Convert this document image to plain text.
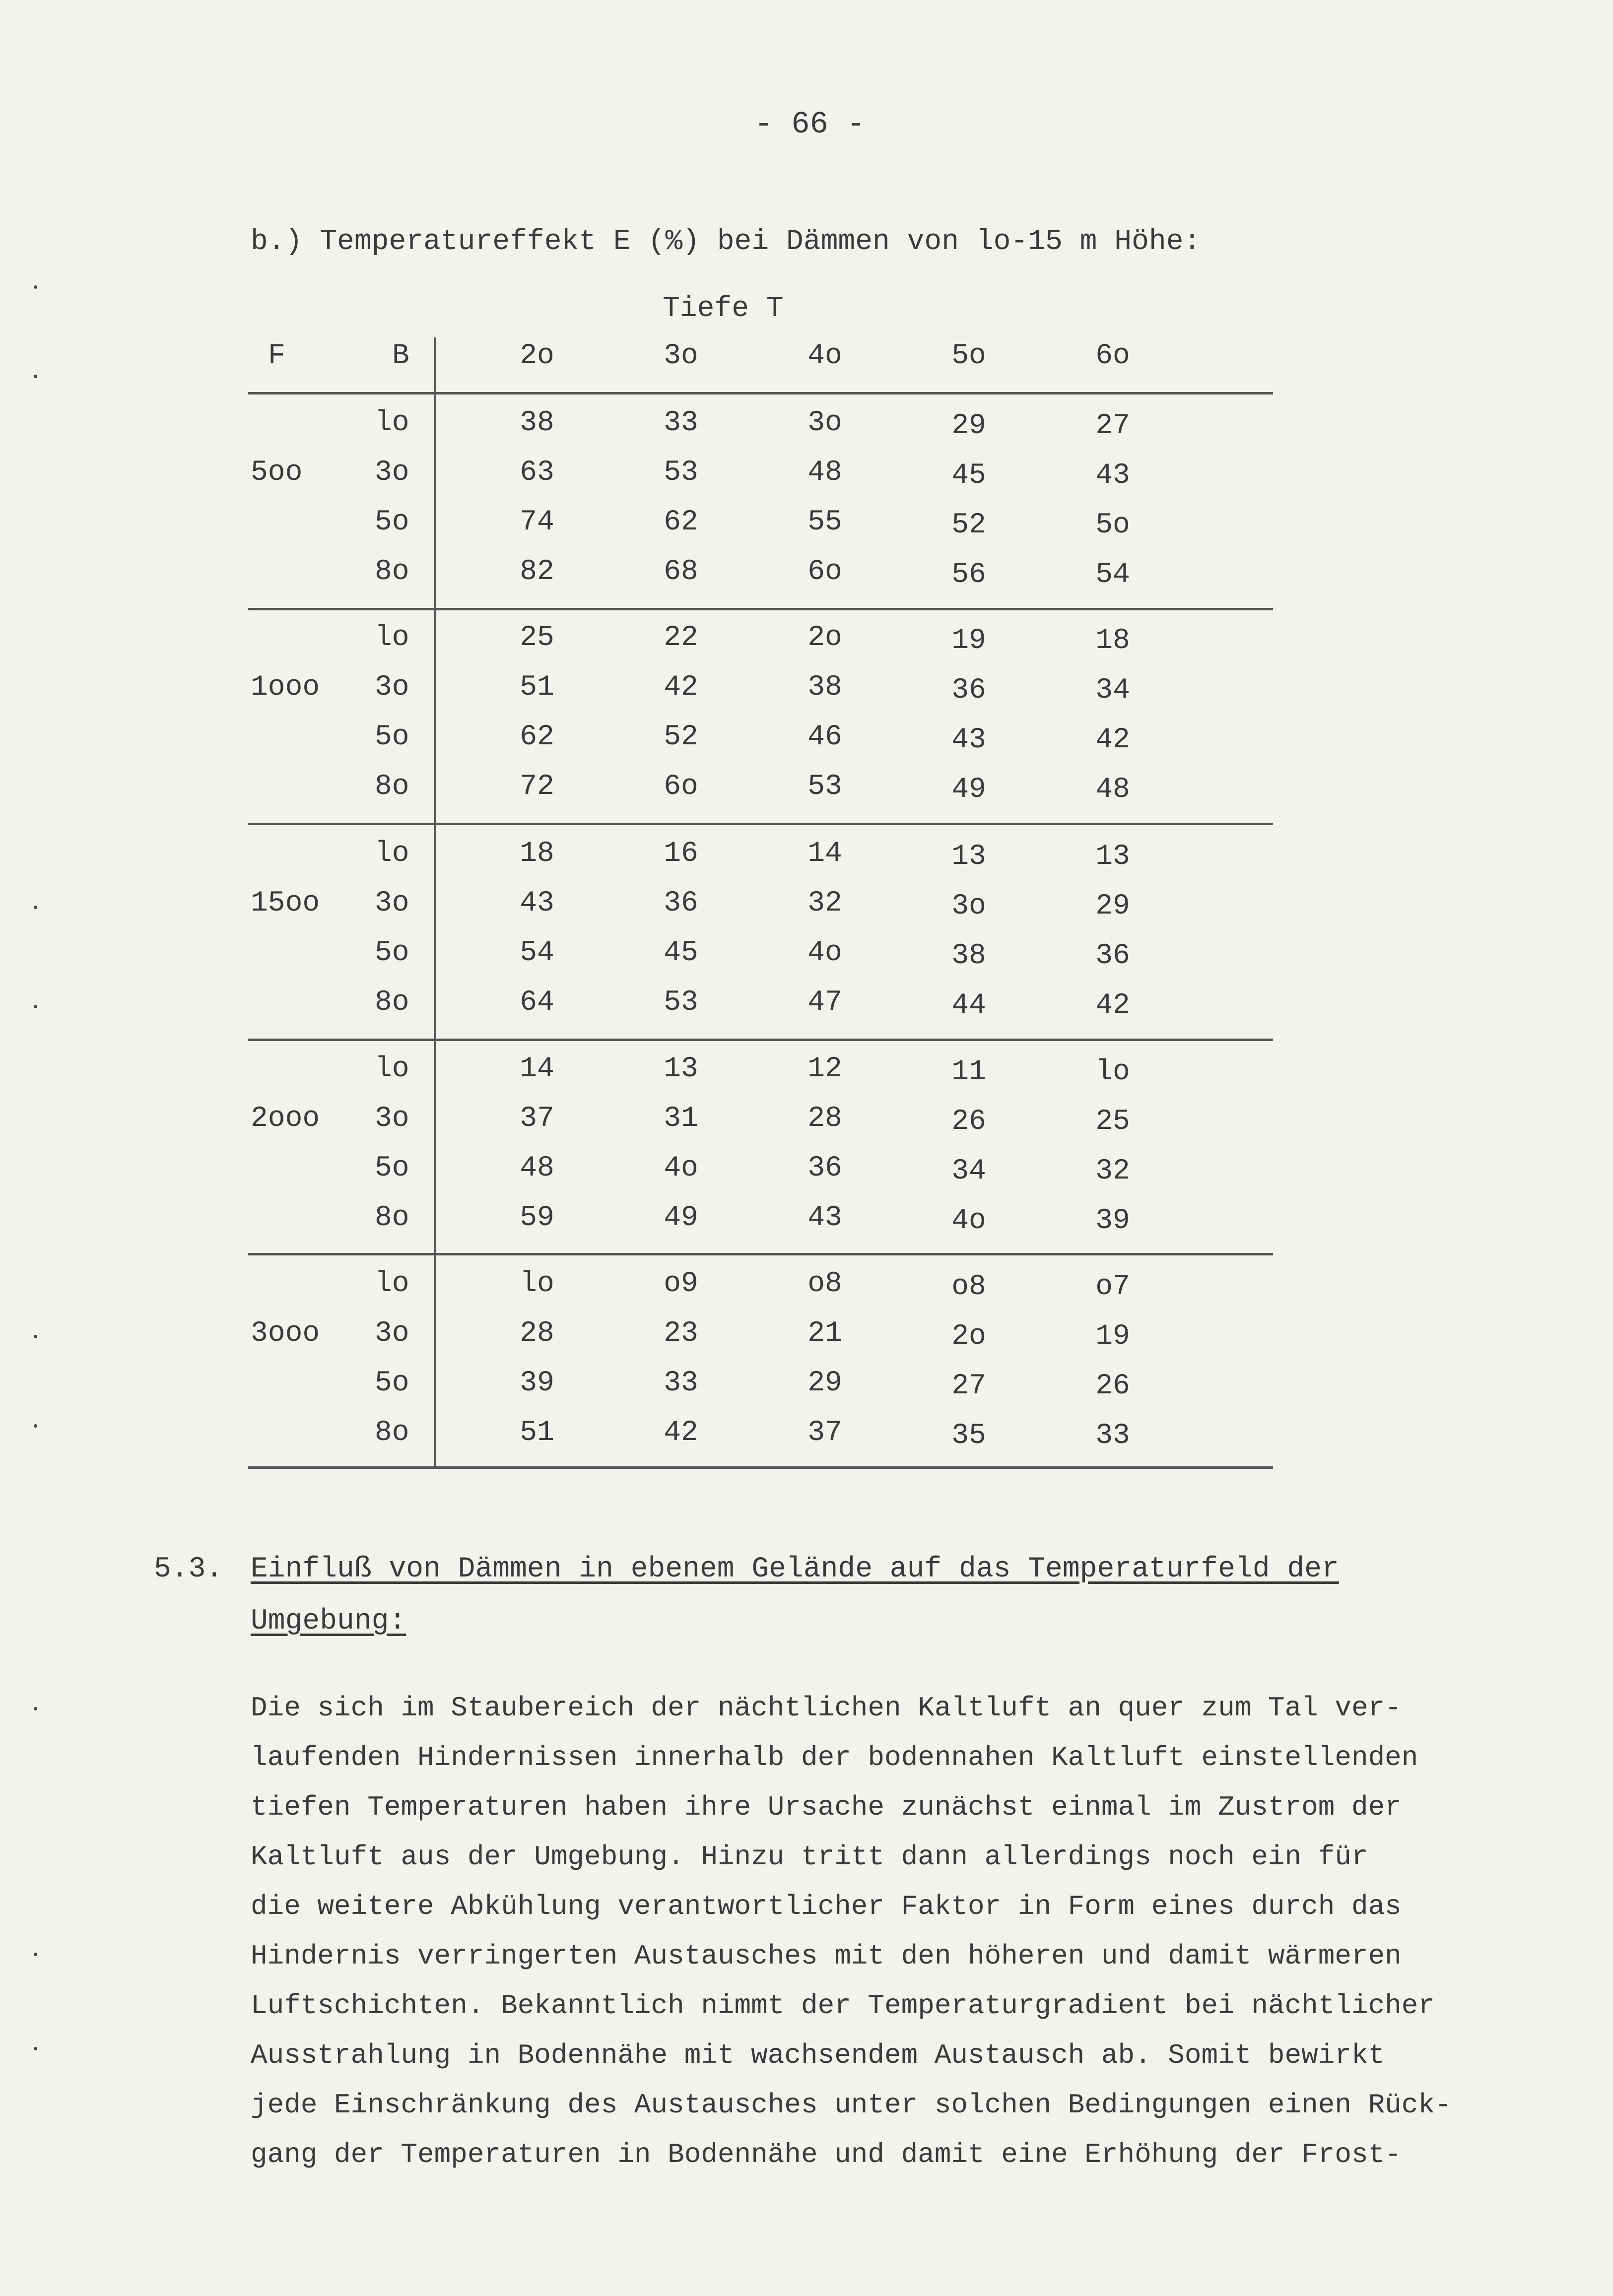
- 66 -
b.) Temperatureffekt E (%) bei Dämmen von lo-15 m Höhe:
Tiefe T
F	B	2o	3o	4o	5o	6o
5oo
lo	38	33	3o	29	27
3o	63	53	48	45	43
5o	74	62	55	52	5o
8o	82	68	6o	56	54
1ooo
lo	25	22	2o	19	18
3o	51	42	38	36	34
5o	62	52	46	43	42
8o	72	6o	53	49	48
15oo
lo	18	16	14	13	13
3o	43	36	32	3o	29
5o	54	45	4o	38	36
8o	64	53	47	44	42
2ooo
lo	14	13	12	11	lo
3o	37	31	28	26	25
5o	48	4o	36	34	32
8o	59	49	43	4o	39
3ooo
lo	lo	o9	o8	o8	o7
3o	28	23	21	2o	19
5o	39	33	29	27	26
8o	51	42	37	35	33
5.3. Einfluß von Dämmen in ebenem Gelände auf das Temperaturfeld der
Umgebung:
Die sich im Staubereich der nächtlichen Kaltluft an quer zum Tal ver-
laufenden Hindernissen innerhalb der bodennahen Kaltluft einstellenden
tiefen Temperaturen haben ihre Ursache zunächst einmal im Zustrom der
Kaltluft aus der Umgebung. Hinzu tritt dann allerdings noch ein für
die weitere Abkühlung verantwortlicher Faktor in Form eines durch das
Hindernis verringerten Austausches mit den höheren und damit wärmeren
Luftschichten. Bekanntlich nimmt der Temperaturgradient bei nächtlicher
Ausstrahlung in Bodennähe mit wachsendem Austausch ab. Somit bewirkt
jede Einschränkung des Austausches unter solchen Bedingungen einen Rück-
gang der Temperaturen in Bodennähe und damit eine Erhöhung der Frost-
